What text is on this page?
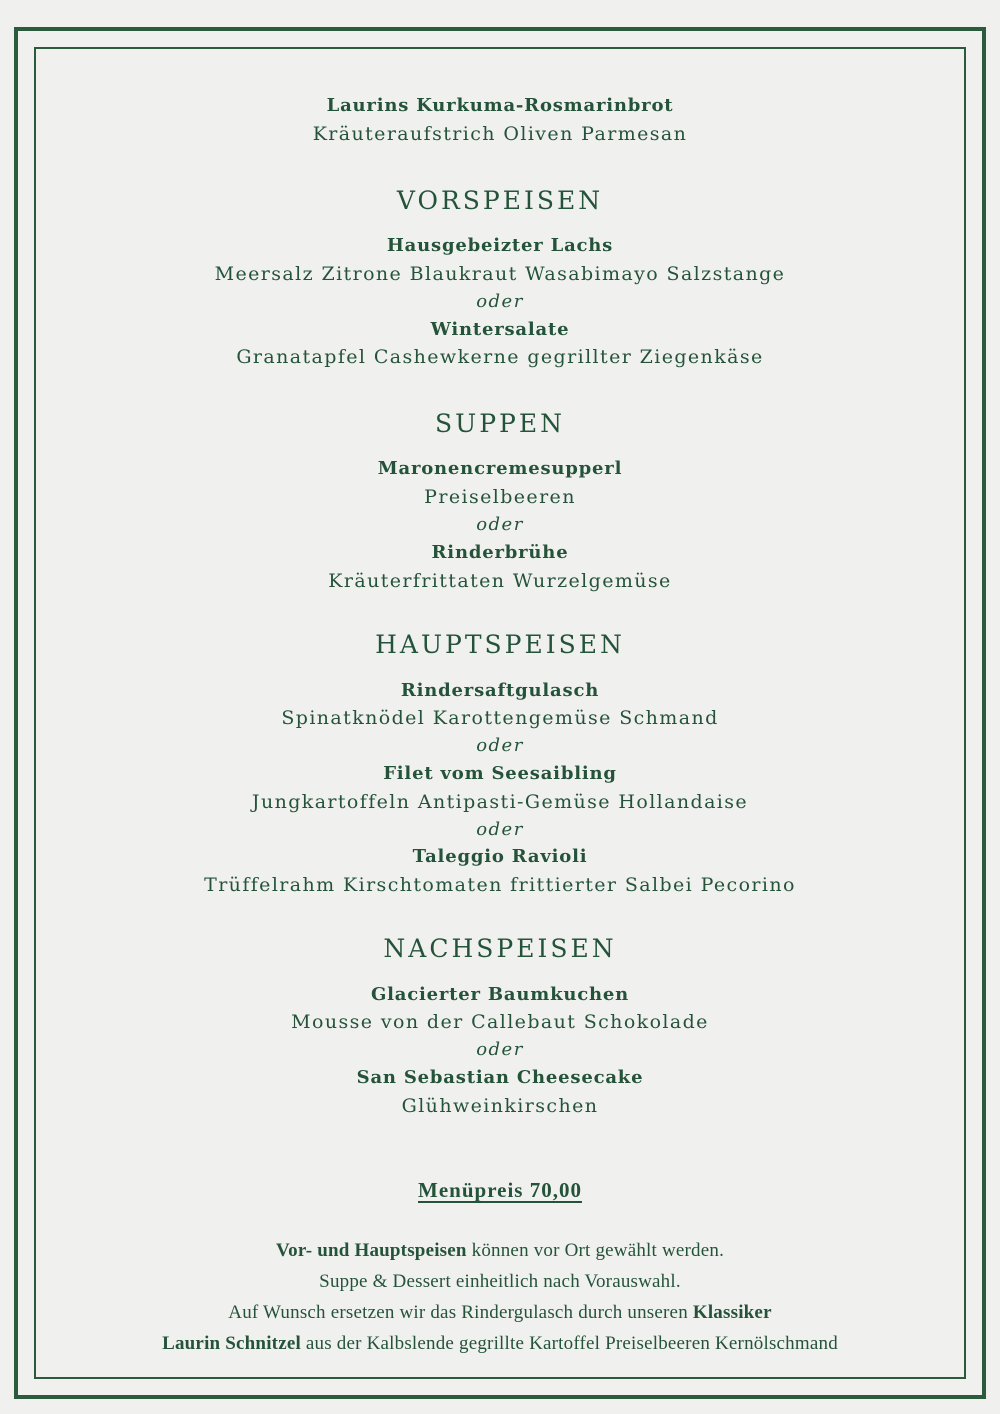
Laurins Kurkuma-Rosmarinbrot
Kräuteraufstrich Oliven Parmesan
VORSPEISEN
Hausgebeizter Lachs
Meersalz Zitrone Blaukraut Wasabimayo Salzstange
oder
Wintersalate
Granatapfel Cashewkerne gegrillter Ziegenkäse
SUPPEN
Maronencremesupperl
Preiselbeeren
oder
Rinderbrühe
Kräuterfrittaten Wurzelgemüse
HAUPTSPEISEN
Rindersaftgulasch
Spinatknödel Karottengemüse Schmand
oder
Filet vom Seesaibling
Jungkartoffeln Antipasti-Gemüse Hollandaise
oder
Taleggio Ravioli
Trüffelrahm Kirschtomaten frittierter Salbei Pecorino
NACHSPEISEN
Glacierter Baumkuchen
Mousse von der Callebaut Schokolade
oder
San Sebastian Cheesecake
Glühweinkirschen
Menüpreis 70,00
Vor- und Hauptspeisen können vor Ort gewählt werden.
Suppe & Dessert einheitlich nach Vorauswahl.
Auf Wunsch ersetzen wir das Rindergulasch durch unseren Klassiker
Laurin Schnitzel aus der Kalbslende gegrillte Kartoffel Preiselbeeren Kernölschmand
